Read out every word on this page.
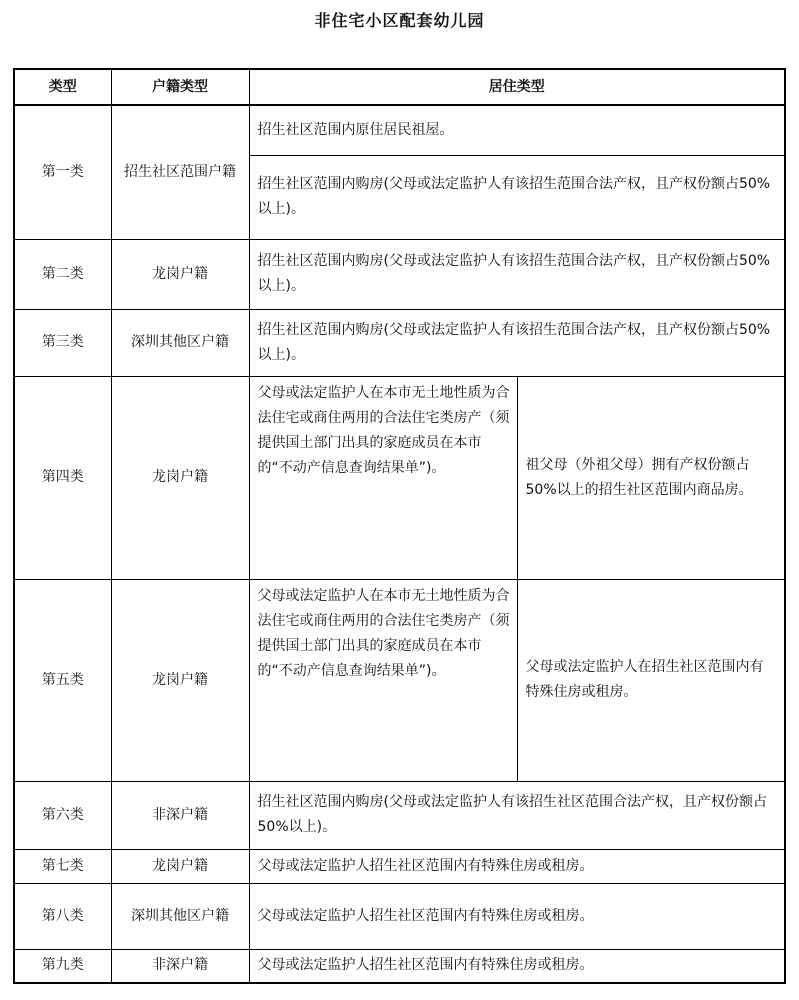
非住宅小区配套幼儿园
类型	户籍类型	居住类型	
第一类	招生社区范围户籍	招生社区范围内原住居民祖屋。	
		招生社区范围内购房(父母或法定监护人有该招生范围合法产权，且产权份额占50%以上)。	
第二类	龙岗户籍	招生社区范围内购房(父母或法定监护人有该招生范围合法产权，且产权份额占50%以上)。	
第三类	深圳其他区户籍	招生社区范围内购房(父母或法定监护人有该招生范围合法产权，且产权份额占50%以上)。	
第四类	龙岗户籍	父母或法定监护人在本市无土地性质为合法住宅或商住两用的合法住宅类房产（须提供国土部门出具的家庭成员在本市的“不动产信息查询结果单”)。	祖父母（外祖父母）拥有产权份额占50%以上的招生社区范围内商品房。
第五类	龙岗户籍	父母或法定监护人在本市无土地性质为合法住宅或商住两用的合法住宅类房产（须提供国土部门出具的家庭成员在本市的“不动产信息查询结果单”)。	父母或法定监护人在招生社区范围内有特殊住房或租房。
第六类	非深户籍	招生社区范围内购房(父母或法定监护人有该招生社区范围合法产权，且产权份额占50%以上)。	
第七类	龙岗户籍	父母或法定监护人招生社区范围内有特殊住房或租房。	
第八类	深圳其他区户籍	父母或法定监护人招生社区范围内有特殊住房或租房。	
第九类	非深户籍	父母或法定监护人招生社区范围内有特殊住房或租房。	
